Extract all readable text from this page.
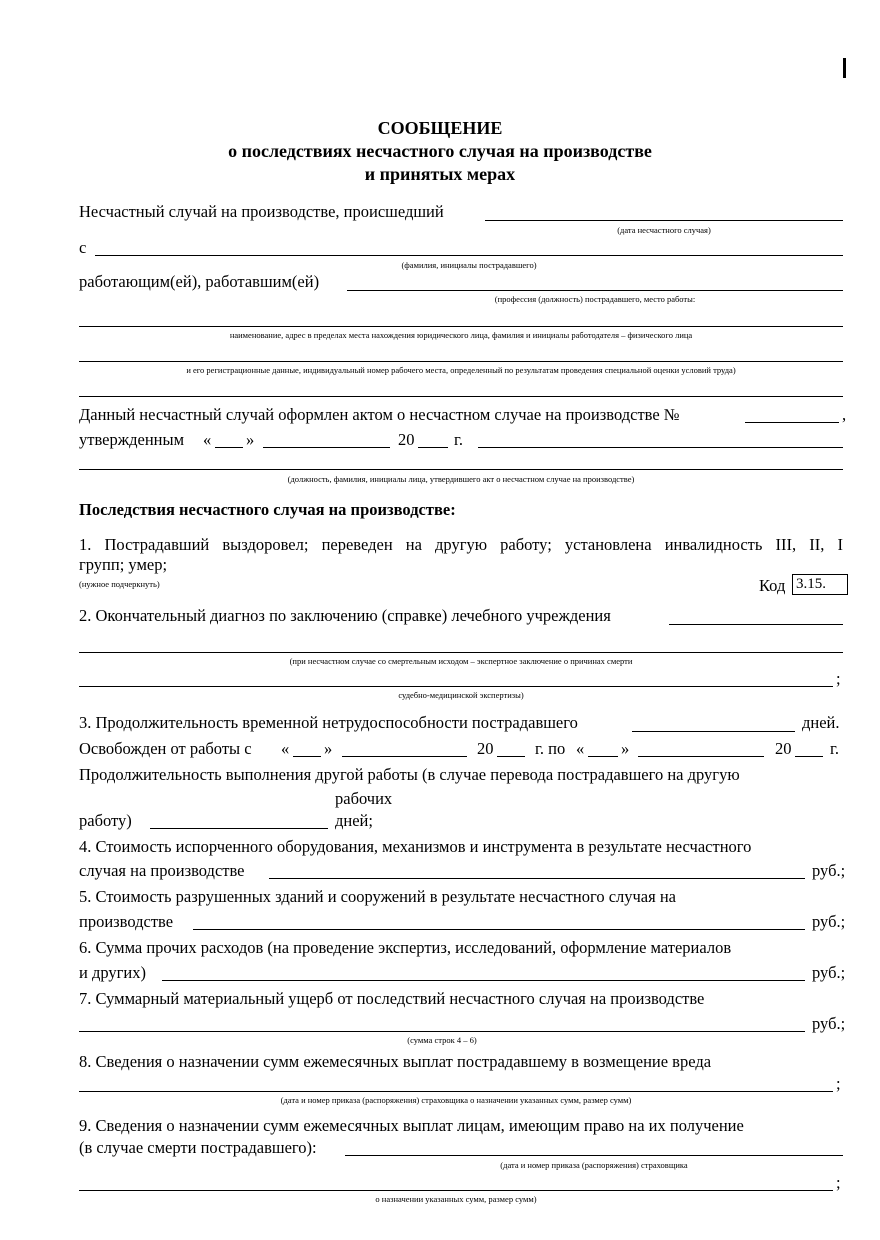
СООБЩЕНИЕ
о последствиях несчастного случая на производстве
и принятых мерах
Несчастный случай на производстве, происшедший
(дата несчастного случая)
с
(фамилия, инициалы пострадавшего)
работающим(ей), работавшим(ей)
(профессия (должность) пострадавшего, место работы:
наименование, адрес в пределах места нахождения юридического лица, фамилия и инициалы работодателя – физического лица
и его регистрационные данные, индивидуальный номер рабочего места, определенный по результатам проведения специальной оценки условий труда)
Данный несчастный случай оформлен актом о несчастном случае на производстве №	,
утвержденным « »	20 г.
(должность, фамилия, инициалы лица, утвердившего акт о несчастном случае на производстве)
Последствия несчастного случая на производстве:
1. Пострадавший выздоровел; переведен на другую работу; установлена инвалидность III, II, I
групп; умер;
(нужное подчеркнуть)	Код 3.15.
2. Окончательный диагноз по заключению (справке) лечебного учреждения
(при несчастном случае со смертельным исходом – экспертное заключение о причинах смерти
;
судебно-медицинской экспертизы)
3. Продолжительность временной нетрудоспособности пострадавшего	дней.
Освобожден от работы с « »	20	г. по « »	20 г.
Продолжительность выполнения другой работы (в случае перевода пострадавшего на другую
рабочих
работу)	дней;
4. Стоимость испорченного оборудования, механизмов и инструмента в результате несчастного
случая на производстве	руб.;
5. Стоимость разрушенных зданий и сооружений в результате несчастного случая на
производстве	руб.;
6. Сумма прочих расходов (на проведение экспертиз, исследований, оформление материалов
и других)	руб.;
7. Суммарный материальный ущерб от последствий несчастного случая на производстве
руб.;
(сумма строк 4 – 6)
8. Сведения о назначении сумм ежемесячных выплат пострадавшему в возмещение вреда
;
(дата и номер приказа (распоряжения) страховщика о назначении указанных сумм, размер сумм)
9. Сведения о назначении сумм ежемесячных выплат лицам, имеющим право на их получение
(в случае смерти пострадавшего):
(дата и номер приказа (распоряжения) страховщика
;
о назначении указанных сумм, размер сумм)
